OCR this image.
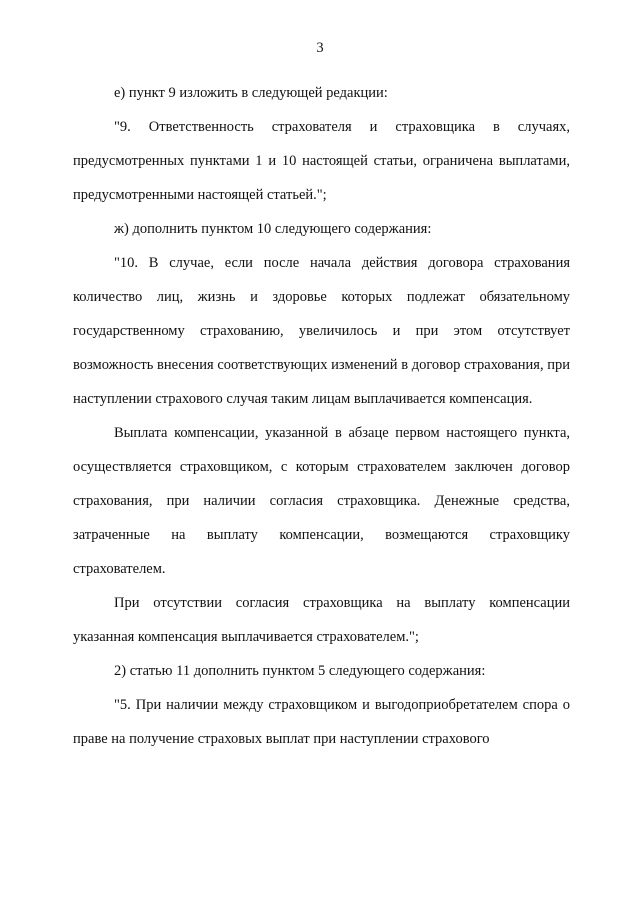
3

е) пункт 9 изложить в следующей редакции:

"9. Ответственность страхователя и страховщика в случаях, предусмотренных пунктами 1 и 10 настоящей статьи, ограничена выплатами, предусмотренными настоящей статьей.";

ж) дополнить пунктом 10 следующего содержания:

"10. В случае, если после начала действия договора страхования количество лиц, жизнь и здоровье которых подлежат обязательному государственному страхованию, увеличилось и при этом отсутствует возможность внесения соответствующих изменений в договор страхования, при наступлении страхового случая таким лицам выплачивается компенсация.

Выплата компенсации, указанной в абзаце первом настоящего пункта, осуществляется страховщиком, с которым страхователем заключен договор страхования, при наличии согласия страховщика. Денежные средства, затраченные на выплату компенсации, возмещаются страховщику страхователем.

При отсутствии согласия страховщика на выплату компенсации указанная компенсация выплачивается страхователем.";

2) статью 11 дополнить пунктом 5 следующего содержания:

"5. При наличии между страховщиком и выгодоприобретателем спора о праве на получение страховых выплат при наступлении страхового
